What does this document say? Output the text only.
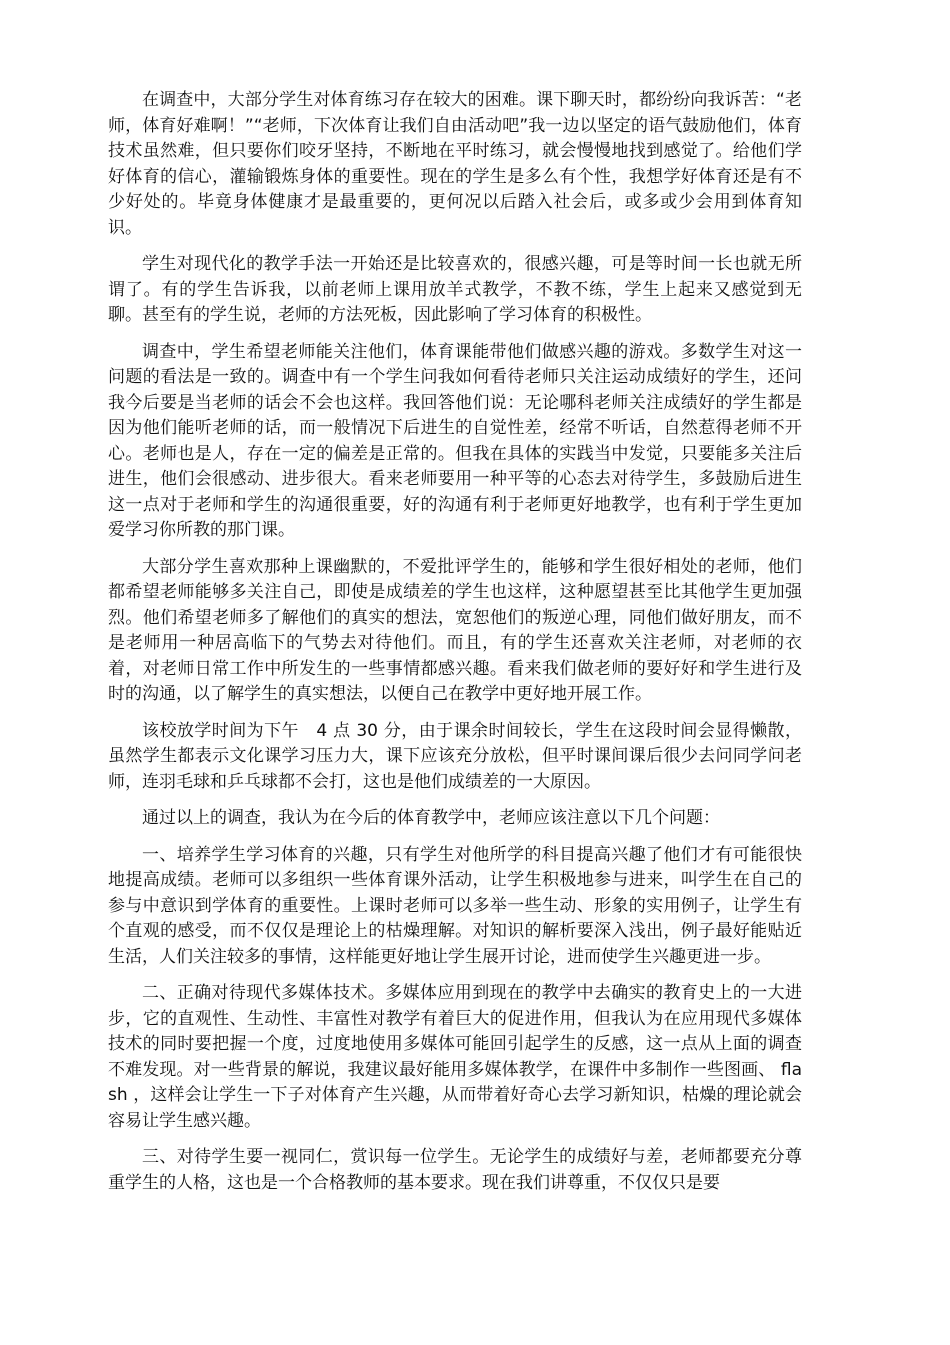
在调查中，大部分学生对体育练习存在较大的困难。课下聊天时，都纷纷向我诉苦：“老师，体育好难啊！”“老师，下次体育让我们自由活动吧”我一边以坚定的语气鼓励他们，体育技术虽然难，但只要你们咬牙坚持，不断地在平时练习，就会慢慢地找到感觉了。给他们学好体育的信心，灌输锻炼身体的重要性。现在的学生是多么有个性，我想学好体育还是有不少好处的。毕竟身体健康才是最重要的，更何况以后踏入社会后，或多或少会用到体育知识。

学生对现代化的教学手法一开始还是比较喜欢的，很感兴趣，可是等时间一长也就无所谓了。有的学生告诉我，以前老师上课用放羊式教学，不教不练，学生上起来又感觉到无聊。甚至有的学生说，老师的方法死板，因此影响了学习体育的积极性。

调查中，学生希望老师能关注他们，体育课能带他们做感兴趣的游戏。多数学生对这一问题的看法是一致的。调查中有一个学生问我如何看待老师只关注运动成绩好的学生，还问我今后要是当老师的话会不会也这样。我回答他们说：无论哪科老师关注成绩好的学生都是因为他们能听老师的话，而一般情况下后进生的自觉性差，经常不听话，自然惹得老师不开心。老师也是人，存在一定的偏差是正常的。但我在具体的实践当中发觉，只要能多关注后进生，他们会很感动、进步很大。看来老师要用一种平等的心态去对待学生，多鼓励后进生这一点对于老师和学生的沟通很重要，好的沟通有利于老师更好地教学，也有利于学生更加爱学习你所教的那门课。

大部分学生喜欢那种上课幽默的，不爱批评学生的，能够和学生很好相处的老师，他们都希望老师能够多关注自己，即使是成绩差的学生也这样，这种愿望甚至比其他学生更加强烈。他们希望老师多了解他们的真实的想法，宽恕他们的叛逆心理，同他们做好朋友，而不是老师用一种居高临下的气势去对待他们。而且，有的学生还喜欢关注老师，对老师的衣着，对老师日常工作中所发生的一些事情都感兴趣。看来我们做老师的要好好和学生进行及时的沟通，以了解学生的真实想法，以便自己在教学中更好地开展工作。

该校放学时间为下午　4 点 30 分，由于课余时间较长，学生在这段时间会显得懒散，虽然学生都表示文化课学习压力大，课下应该充分放松，但平时课间课后很少去问同学问老师，连羽毛球和乒乓球都不会打，这也是他们成绩差的一大原因。

通过以上的调查，我认为在今后的体育教学中，老师应该注意以下几个问题：

一、培养学生学习体育的兴趣，只有学生对他所学的科目提高兴趣了他们才有可能很快地提高成绩。老师可以多组织一些体育课外活动，让学生积极地参与进来，叫学生在自己的参与中意识到学体育的重要性。上课时老师可以多举一些生动、形象的实用例子，让学生有个直观的感受，而不仅仅是理论上的枯燥理解。对知识的解析要深入浅出，例子最好能贴近生活，人们关注较多的事情，这样能更好地让学生展开讨论，进而使学生兴趣更进一步。

二、正确对待现代多媒体技术。多媒体应用到现在的教学中去确实的教育史上的一大进步，它的直观性、生动性、丰富性对教学有着巨大的促进作用，但我认为在应用现代多媒体技术的同时要把握一个度，过度地使用多媒体可能回引起学生的反感，这一点从上面的调查不难发现。对一些背景的解说，我建议最好能用多媒体教学，在课件中多制作一些图画、 flash ，这样会让学生一下子对体育产生兴趣，从而带着好奇心去学习新知识，枯燥的理论就会容易让学生感兴趣。

三、对待学生要一视同仁，赏识每一位学生。无论学生的成绩好与差，老师都要充分尊重学生的人格，这也是一个合格教师的基本要求。现在我们讲尊重，不仅仅只是要
